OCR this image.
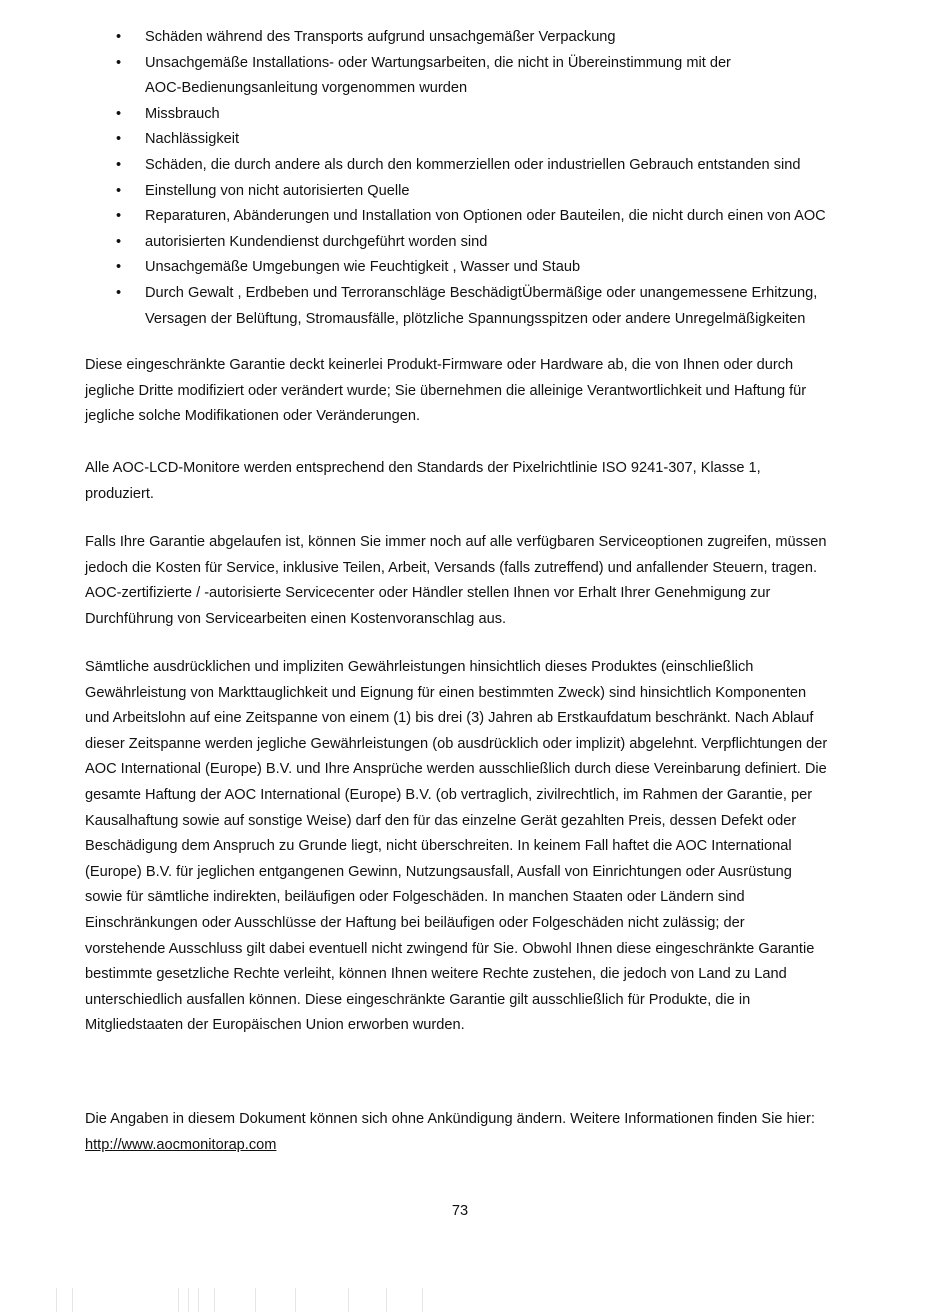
• Schäden während des Transports aufgrund unsachgemäßer Verpackung
• Unsachgemäße Installations- oder Wartungsarbeiten, die nicht in Übereinstimmung mit der
AOC-Bedienungsanleitung vorgenommen wurden
• Missbrauch
• Nachlässigkeit
• Schäden, die durch andere als durch den kommerziellen oder industriellen Gebrauch entstanden sind
• Einstellung von nicht autorisierten Quelle
• Reparaturen, Abänderungen und Installation von Optionen oder Bauteilen, die nicht durch einen von AOC
• autorisierten Kundendienst durchgeführt worden sind
• Unsachgemäße Umgebungen wie Feuchtigkeit , Wasser und Staub
• Durch Gewalt , Erdbeben und Terroranschläge BeschädigtÜbermäßige oder unangemessene Erhitzung,
Versagen der Belüftung, Stromausfälle, plötzliche Spannungsspitzen oder andere Unregelmäßigkeiten
Diese eingeschränkte Garantie deckt keinerlei Produkt-Firmware oder Hardware ab, die von Ihnen oder durch
jegliche Dritte modifiziert oder verändert wurde; Sie übernehmen die alleinige Verantwortlichkeit und Haftung für
jegliche solche Modifikationen oder Veränderungen.
Alle AOC-LCD-Monitore werden entsprechend den Standards der Pixelrichtlinie ISO 9241-307, Klasse 1,
produziert.
Falls Ihre Garantie abgelaufen ist, können Sie immer noch auf alle verfügbaren Serviceoptionen zugreifen, müssen
jedoch die Kosten für Service, inklusive Teilen, Arbeit, Versands (falls zutreffend) und anfallender Steuern, tragen.
AOC-zertifizierte / -autorisierte Servicecenter oder Händler stellen Ihnen vor Erhalt Ihrer Genehmigung zur
Durchführung von Servicearbeiten einen Kostenvoranschlag aus.
Sämtliche ausdrücklichen und impliziten Gewährleistungen hinsichtlich dieses Produktes (einschließlich
Gewährleistung von Markttauglichkeit und Eignung für einen bestimmten Zweck) sind hinsichtlich Komponenten
und Arbeitslohn auf eine Zeitspanne von einem (1) bis drei (3) Jahren ab Erstkaufdatum beschränkt. Nach Ablauf
dieser Zeitspanne werden jegliche Gewährleistungen (ob ausdrücklich oder implizit) abgelehnt. Verpflichtungen der
AOC International (Europe) B.V. und Ihre Ansprüche werden ausschließlich durch diese Vereinbarung definiert. Die
gesamte Haftung der AOC International (Europe) B.V. (ob vertraglich, zivilrechtlich, im Rahmen der Garantie, per
Kausalhaftung sowie auf sonstige Weise) darf den für das einzelne Gerät gezahlten Preis, dessen Defekt oder
Beschädigung dem Anspruch zu Grunde liegt, nicht überschreiten. In keinem Fall haftet die AOC International
(Europe) B.V. für jeglichen entgangenen Gewinn, Nutzungsausfall, Ausfall von Einrichtungen oder Ausrüstung
sowie für sämtliche indirekten, beiläufigen oder Folgeschäden. In manchen Staaten oder Ländern sind
Einschränkungen oder Ausschlüsse der Haftung bei beiläufigen oder Folgeschäden nicht zulässig; der
vorstehende Ausschluss gilt dabei eventuell nicht zwingend für Sie. Obwohl Ihnen diese eingeschränkte Garantie
bestimmte gesetzliche Rechte verleiht, können Ihnen weitere Rechte zustehen, die jedoch von Land zu Land
unterschiedlich ausfallen können. Diese eingeschränkte Garantie gilt ausschließlich für Produkte, die in
Mitgliedstaaten der Europäischen Union erworben wurden.
Die Angaben in diesem Dokument können sich ohne Ankündigung ändern. Weitere Informationen finden Sie hier:
http://www.aocmonitorap.com
73
